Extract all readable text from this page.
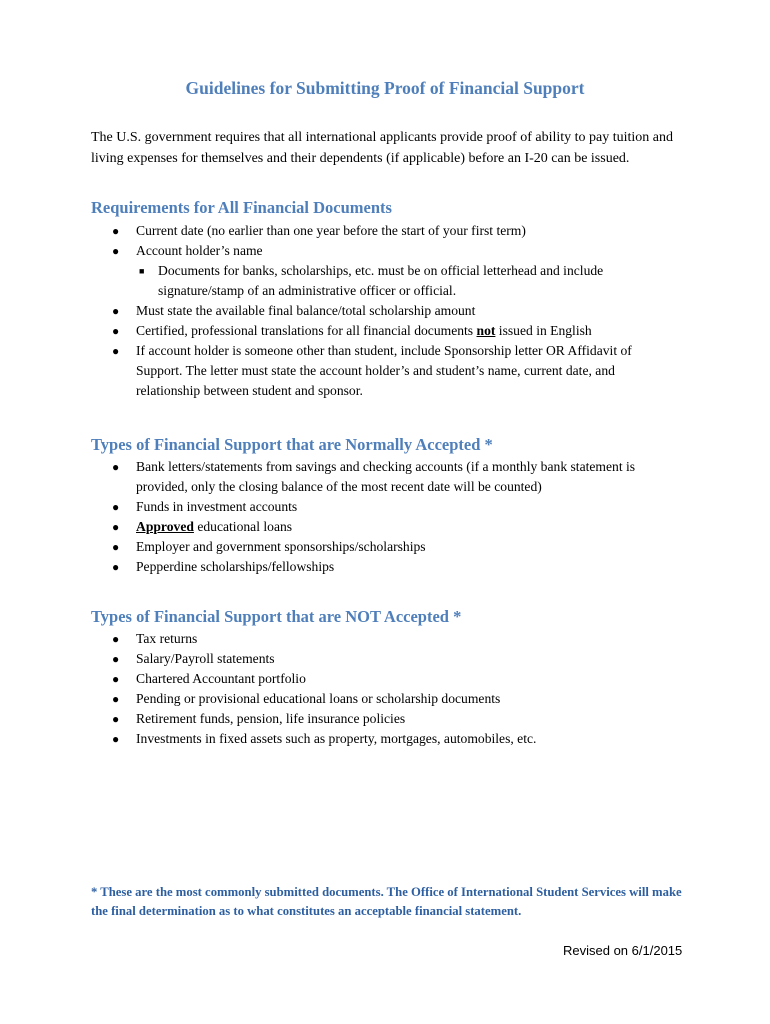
Guidelines for Submitting Proof of Financial Support

The U.S. government requires that all international applicants provide proof of ability to pay tuition and living expenses for themselves and their dependents (if applicable) before an I-20 can be issued.

Requirements for All Financial Documents
● Current date (no earlier than one year before the start of your first term)
● Account holder’s name
■ Documents for banks, scholarships, etc. must be on official letterhead and include signature/stamp of an administrative officer or official.
● Must state the available final balance/total scholarship amount
● Certified, professional translations for all financial documents not issued in English
● If account holder is someone other than student, include Sponsorship letter OR Affidavit of Support. The letter must state the account holder’s and student’s name, current date, and relationship between student and sponsor.
Types of Financial Support that are Normally Accepted *
● Bank letters/statements from savings and checking accounts (if a monthly bank statement is provided, only the closing balance of the most recent date will be counted)
● Funds in investment accounts
● Approved educational loans
● Employer and government sponsorships/scholarships
● Pepperdine scholarships/fellowships
Types of Financial Support that are NOT Accepted *
● Tax returns
● Salary/Payroll statements
● Chartered Accountant portfolio
● Pending or provisional educational loans or scholarship documents
● Retirement funds, pension, life insurance policies
● Investments in fixed assets such as property, mortgages, automobiles, etc.

* These are the most commonly submitted documents. The Office of International Student Services will make the final determination as to what constitutes an acceptable financial statement.

Revised on 6/1/2015
